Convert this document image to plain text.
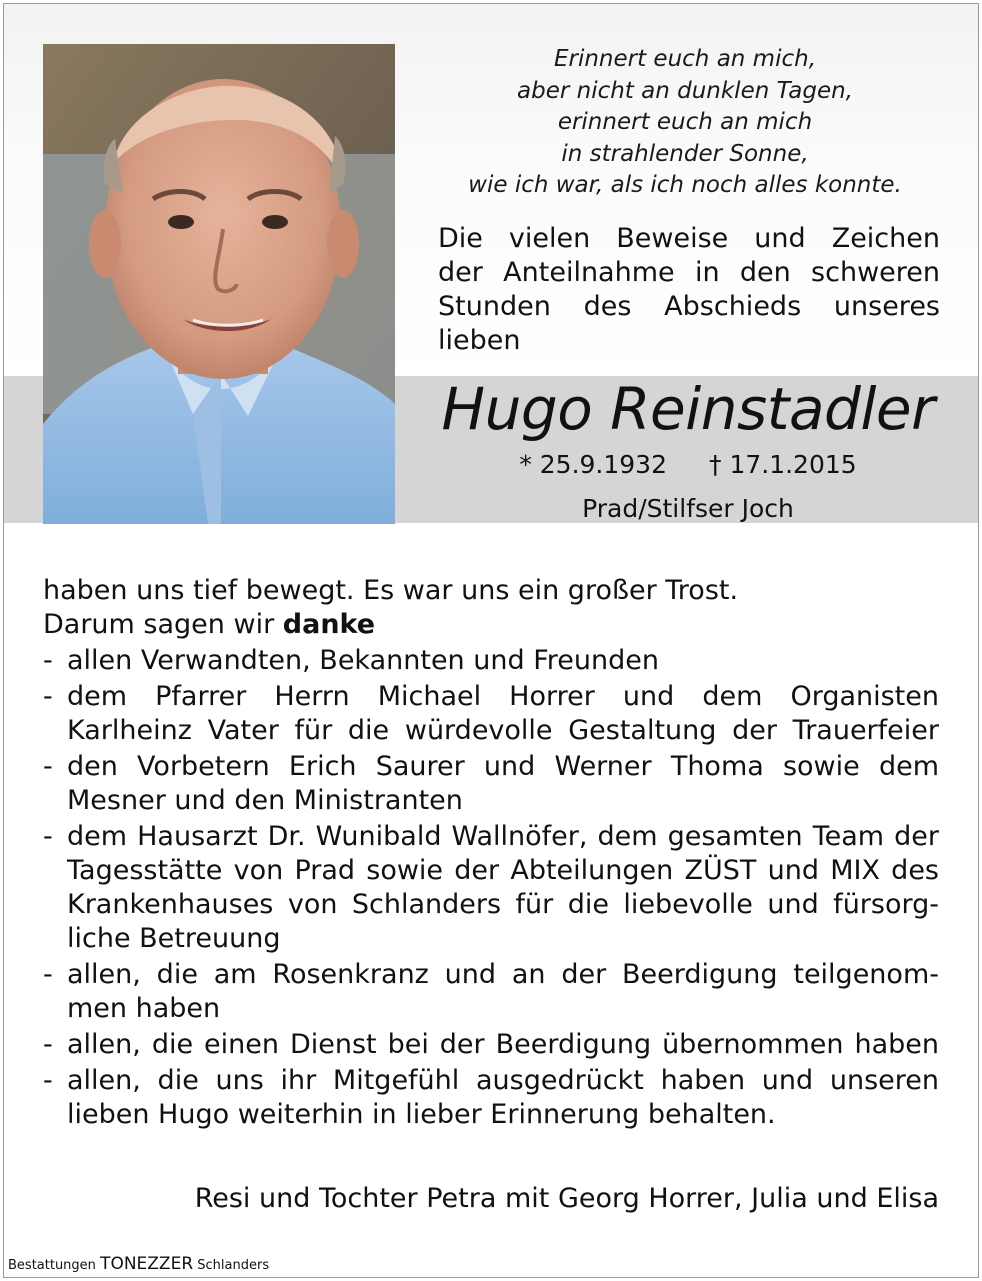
Erinnert euch an mich,
aber nicht an dunklen Tagen,
erinnert euch an mich
in strahlender Sonne,
wie ich war, als ich noch alles konnte.
Die vielen Beweise und Zeichen
der Anteilnahme in den schweren
Stunden des Abschieds unseres
lieben
Hugo Reinstadler
* 25.9.1932 † 17.1.2015
Prad/Stilfser Joch
haben uns tief bewegt. Es war uns ein großer Trost.
Darum sagen wir danke
- allen Verwandten, Bekannten und Freunden
- dem Pfarrer Herrn Michael Horrer und dem Organisten
Karlheinz Vater für die würdevolle Gestaltung der Trauerfeier
- den Vorbetern Erich Saurer und Werner Thoma sowie dem
Mesner und den Ministranten
- dem Hausarzt Dr. Wunibald Wallnöfer, dem gesamten Team der
Tagesstätte von Prad sowie der Abteilungen ZÜST und MIX des
Krankenhauses von Schlanders für die liebevolle und fürsorg-
liche Betreuung
- allen, die am Rosenkranz und an der Beerdigung teilgenom-
men haben
- allen, die einen Dienst bei der Beerdigung übernommen haben
- allen, die uns ihr Mitgefühl ausgedrückt haben und unseren
lieben Hugo weiterhin in lieber Erinnerung behalten.
Resi und Tochter Petra mit Georg Horrer, Julia und Elisa
Bestattungen TONEZZER Schlanders
